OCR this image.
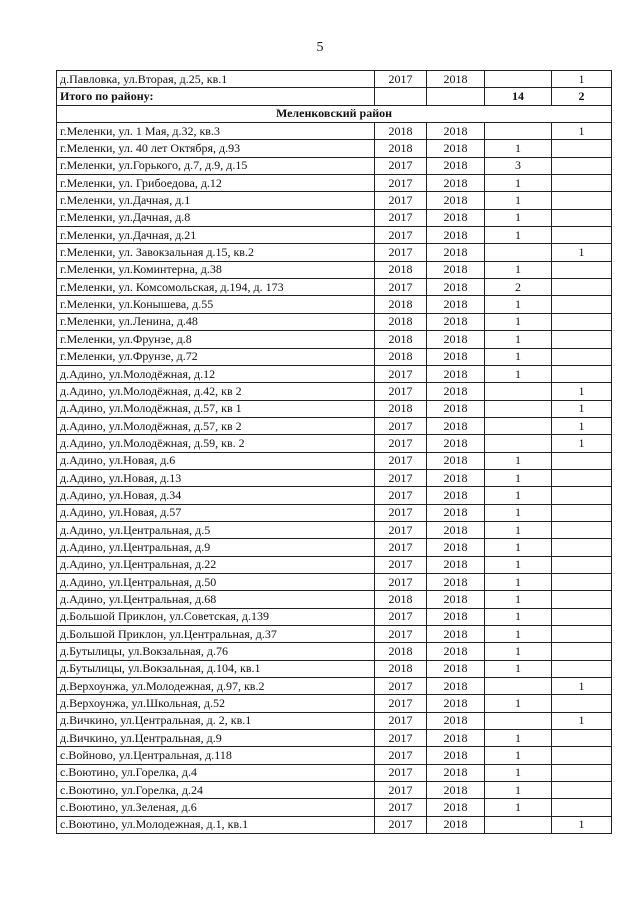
5
д.Павловка, ул.Вторая, д.25, кв.1	2017	2018		1
Итого по району:			14	2
Меленковский район				
г.Меленки, ул. 1 Мая, д.32, кв.3	2018	2018		1
г.Меленки, ул. 40 лет Октября, д.93	2018	2018	1	
г.Меленки, ул.Горького, д.7, д.9, д.15	2017	2018	3	
г.Меленки, ул. Грибоедова, д.12	2017	2018	1	
г.Меленки, ул.Дачная, д.1	2017	2018	1	
г.Меленки, ул.Дачная, д.8	2017	2018	1	
г.Меленки, ул.Дачная, д.21	2017	2018	1	
г.Меленки, ул. Завокзальная д.15, кв.2	2017	2018		1
г.Меленки, ул.Коминтерна, д.38	2018	2018	1	
г.Меленки, ул. Комсомольская, д.194, д. 173	2017	2018	2	
г.Меленки, ул.Конышева, д.55	2018	2018	1	
г.Меленки, ул.Ленина, д.48	2018	2018	1	
г.Меленки, ул.Фрунзе, д.8	2018	2018	1	
г.Меленки, ул.Фрунзе, д.72	2018	2018	1	
д.Адино, ул.Молодёжная, д.12	2017	2018	1	
д.Адино, ул.Молодёжная, д.42, кв 2	2017	2018		1
д.Адино, ул.Молодёжная, д.57, кв 1	2018	2018		1
д.Адино, ул.Молодёжная, д.57, кв 2	2017	2018		1
д.Адино, ул.Молодёжная, д.59, кв. 2	2017	2018		1
д.Адино, ул.Новая, д.6	2017	2018	1	
д.Адино, ул.Новая, д.13	2017	2018	1	
д.Адино, ул.Новая, д.34	2017	2018	1	
д.Адино, ул.Новая, д.57	2017	2018	1	
д.Адино, ул.Центральная, д.5	2017	2018	1	
д.Адино, ул.Центральная, д.9	2017	2018	1	
д.Адино, ул.Центральная, д.22	2017	2018	1	
д.Адино, ул.Центральная, д.50	2017	2018	1	
д.Адино, ул.Центральная, д.68	2018	2018	1	
д.Большой Приклон, ул.Советская, д.139	2017	2018	1	
д.Большой Приклон, ул.Центральная, д.37	2017	2018	1	
д.Бутылицы, ул.Вокзальная, д.76	2018	2018	1	
д.Бутылицы, ул.Вокзальная, д.104, кв.1	2018	2018	1	
д.Верхоунжа, ул.Молодежная, д.97, кв.2	2017	2018		1
д.Верхоунжа, ул.Школьная, д.52	2017	2018	1	
д.Вичкино, ул.Центральная, д. 2, кв.1	2017	2018		1
д.Вичкино, ул.Центральная, д.9	2017	2018	1	
с.Войново, ул.Центральная, д.118	2017	2018	1	
с.Воютино, ул.Горелка, д.4	2017	2018	1	
с.Воютино, ул.Горелка, д.24	2017	2018	1	
с.Воютино, ул.Зеленая, д.6	2017	2018	1	
с.Воютино, ул.Молодежная, д.1, кв.1	2017	2018		1
